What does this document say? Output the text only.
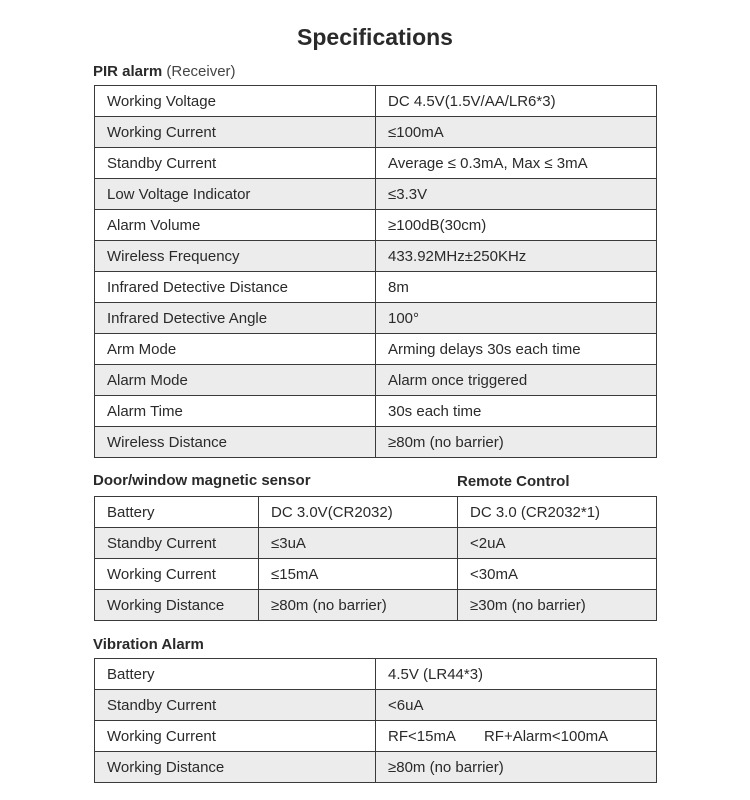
Specifications
PIR alarm (Receiver)
Working Voltage	DC 4.5V(1.5V/AA/LR6*3)
Working Current	≤100mA
Standby Current	Average ≤ 0.3mA, Max ≤ 3mA
Low Voltage Indicator	≤3.3V
Alarm Volume	≥100dB(30cm)
Wireless Frequency	433.92MHz±250KHz
Infrared Detective Distance	8m
Infrared Detective Angle	100°
Arm Mode	Arming delays 30s each time
Alarm Mode	Alarm once triggered
Alarm Time	30s each time
Wireless Distance	≥80m (no barrier)
Door/window magnetic sensor	Remote Control
Battery	DC 3.0V(CR2032)	DC 3.0 (CR2032*1)
Standby Current	≤3uA	<2uA
Working Current	≤15mA	<30mA
Working Distance	≥80m (no barrier)	≥30m (no barrier)
Vibration Alarm
Battery	4.5V (LR44*3)
Standby Current	<6uA
Working Current	RF<15mA RF+Alarm<100mA
Working Distance	≥80m (no barrier)
